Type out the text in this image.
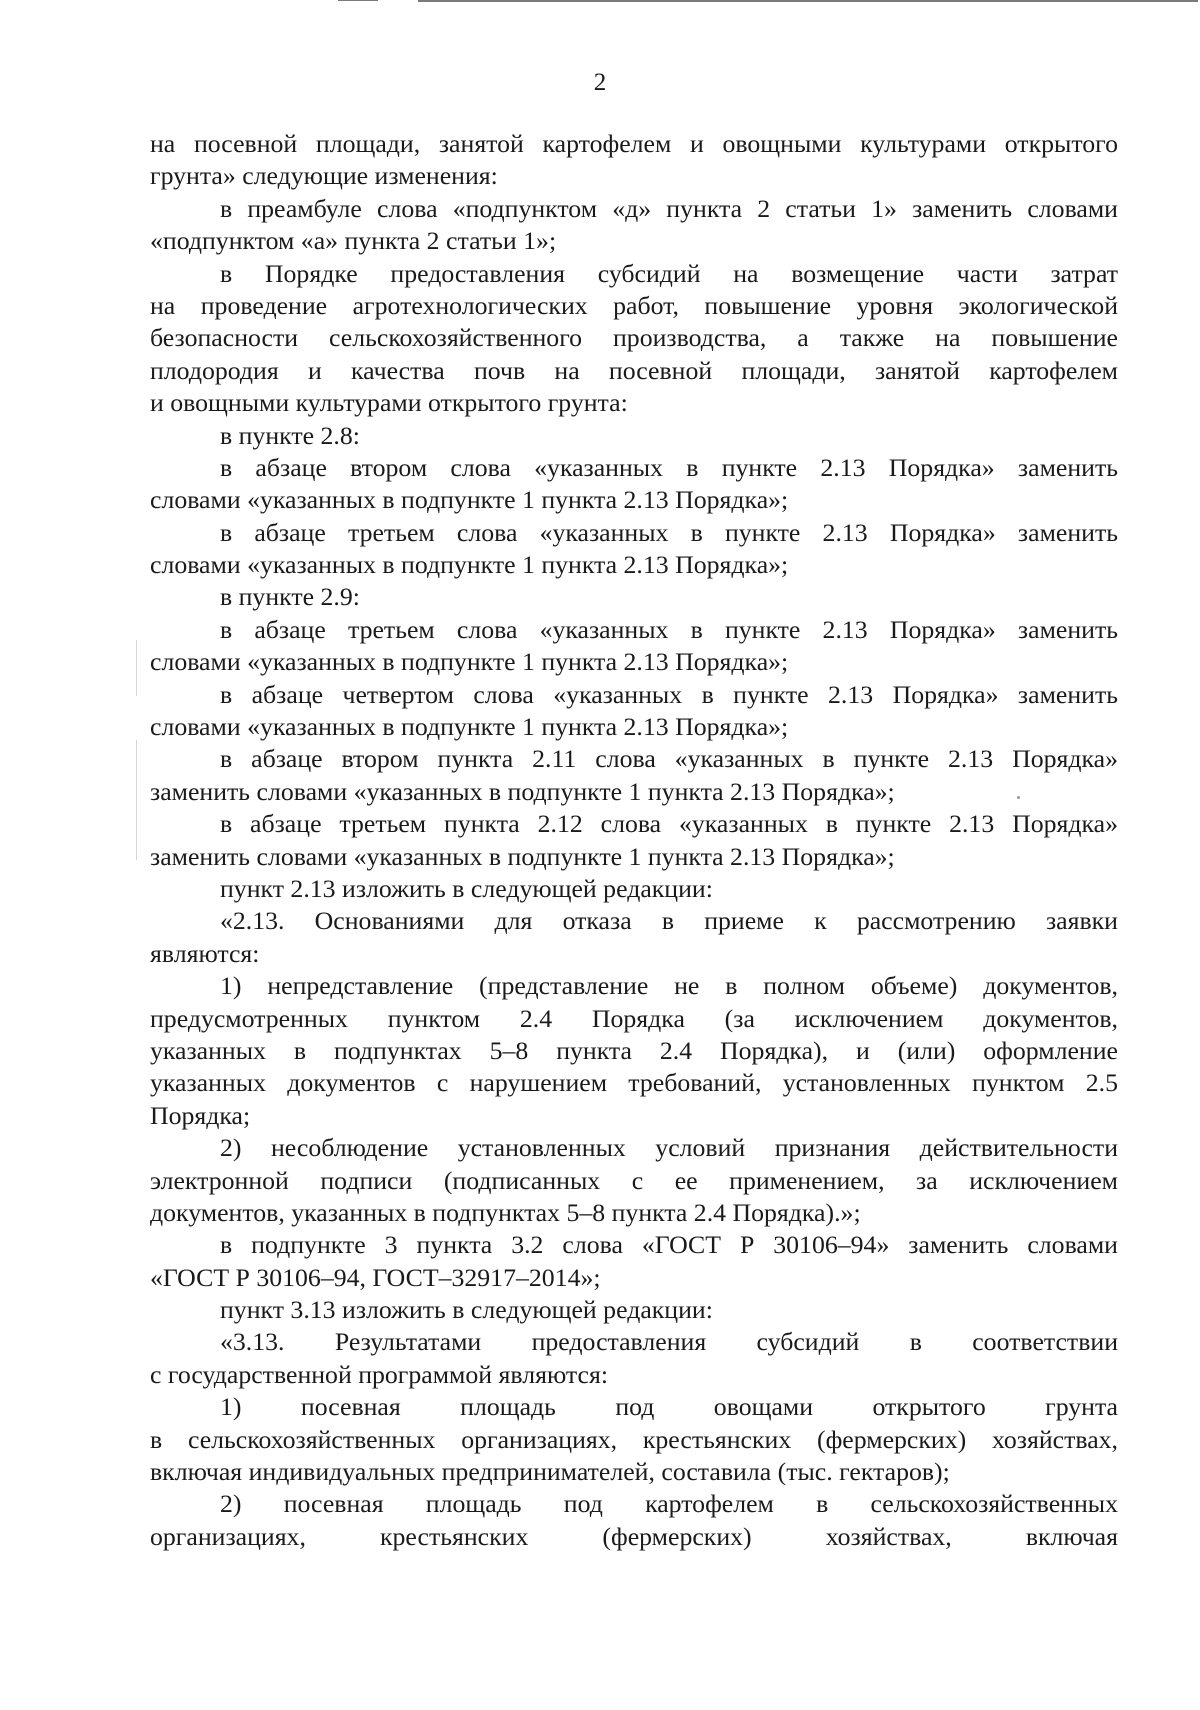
2
на посевной площади, занятой картофелем и овощными культурами открытого
грунта» следующие изменения:
в преамбуле слова «подпунктом «д» пункта 2 статьи 1» заменить словами
«подпунктом «а» пункта 2 статьи 1»;
в Порядке предоставления субсидий на возмещение части затрат
на проведение агротехнологических работ, повышение уровня экологической
безопасности сельскохозяйственного производства, а также на повышение
плодородия и качества почв на посевной площади, занятой картофелем
и овощными культурами открытого грунта:
в пункте 2.8:
в абзаце втором слова «указанных в пункте 2.13 Порядка» заменить
словами «указанных в подпункте 1 пункта 2.13 Порядка»;
в абзаце третьем слова «указанных в пункте 2.13 Порядка» заменить
словами «указанных в подпункте 1 пункта 2.13 Порядка»;
в пункте 2.9:
в абзаце третьем слова «указанных в пункте 2.13 Порядка» заменить
словами «указанных в подпункте 1 пункта 2.13 Порядка»;
в абзаце четвертом слова «указанных в пункте 2.13 Порядка» заменить
словами «указанных в подпункте 1 пункта 2.13 Порядка»;
в абзаце втором пункта 2.11 слова «указанных в пункте 2.13 Порядка»
заменить словами «указанных в подпункте 1 пункта 2.13 Порядка»;
в абзаце третьем пункта 2.12 слова «указанных в пункте 2.13 Порядка»
заменить словами «указанных в подпункте 1 пункта 2.13 Порядка»;
пункт 2.13 изложить в следующей редакции:
«2.13. Основаниями для отказа в приеме к рассмотрению заявки
являются:
1) непредставление (представление не в полном объеме) документов,
предусмотренных пунктом 2.4 Порядка (за исключением документов,
указанных в подпунктах 5–8 пункта 2.4 Порядка), и (или) оформление
указанных документов с нарушением требований, установленных пунктом 2.5
Порядка;
2) несоблюдение установленных условий признания действительности
электронной подписи (подписанных с ее применением, за исключением
документов, указанных в подпунктах 5–8 пункта 2.4 Порядка).»;
в подпункте 3 пункта 3.2 слова «ГОСТ Р 30106–94» заменить словами
«ГОСТ Р 30106–94, ГОСТ–32917–2014»;
пункт 3.13 изложить в следующей редакции:
«3.13. Результатами предоставления субсидий в соответствии
с государственной программой являются:
1) посевная площадь под овощами открытого грунта
в сельскохозяйственных организациях, крестьянских (фермерских) хозяйствах,
включая индивидуальных предпринимателей, составила (тыс. гектаров);
2) посевная площадь под картофелем в сельскохозяйственных
организациях, крестьянских (фермерских) хозяйствах, включая
